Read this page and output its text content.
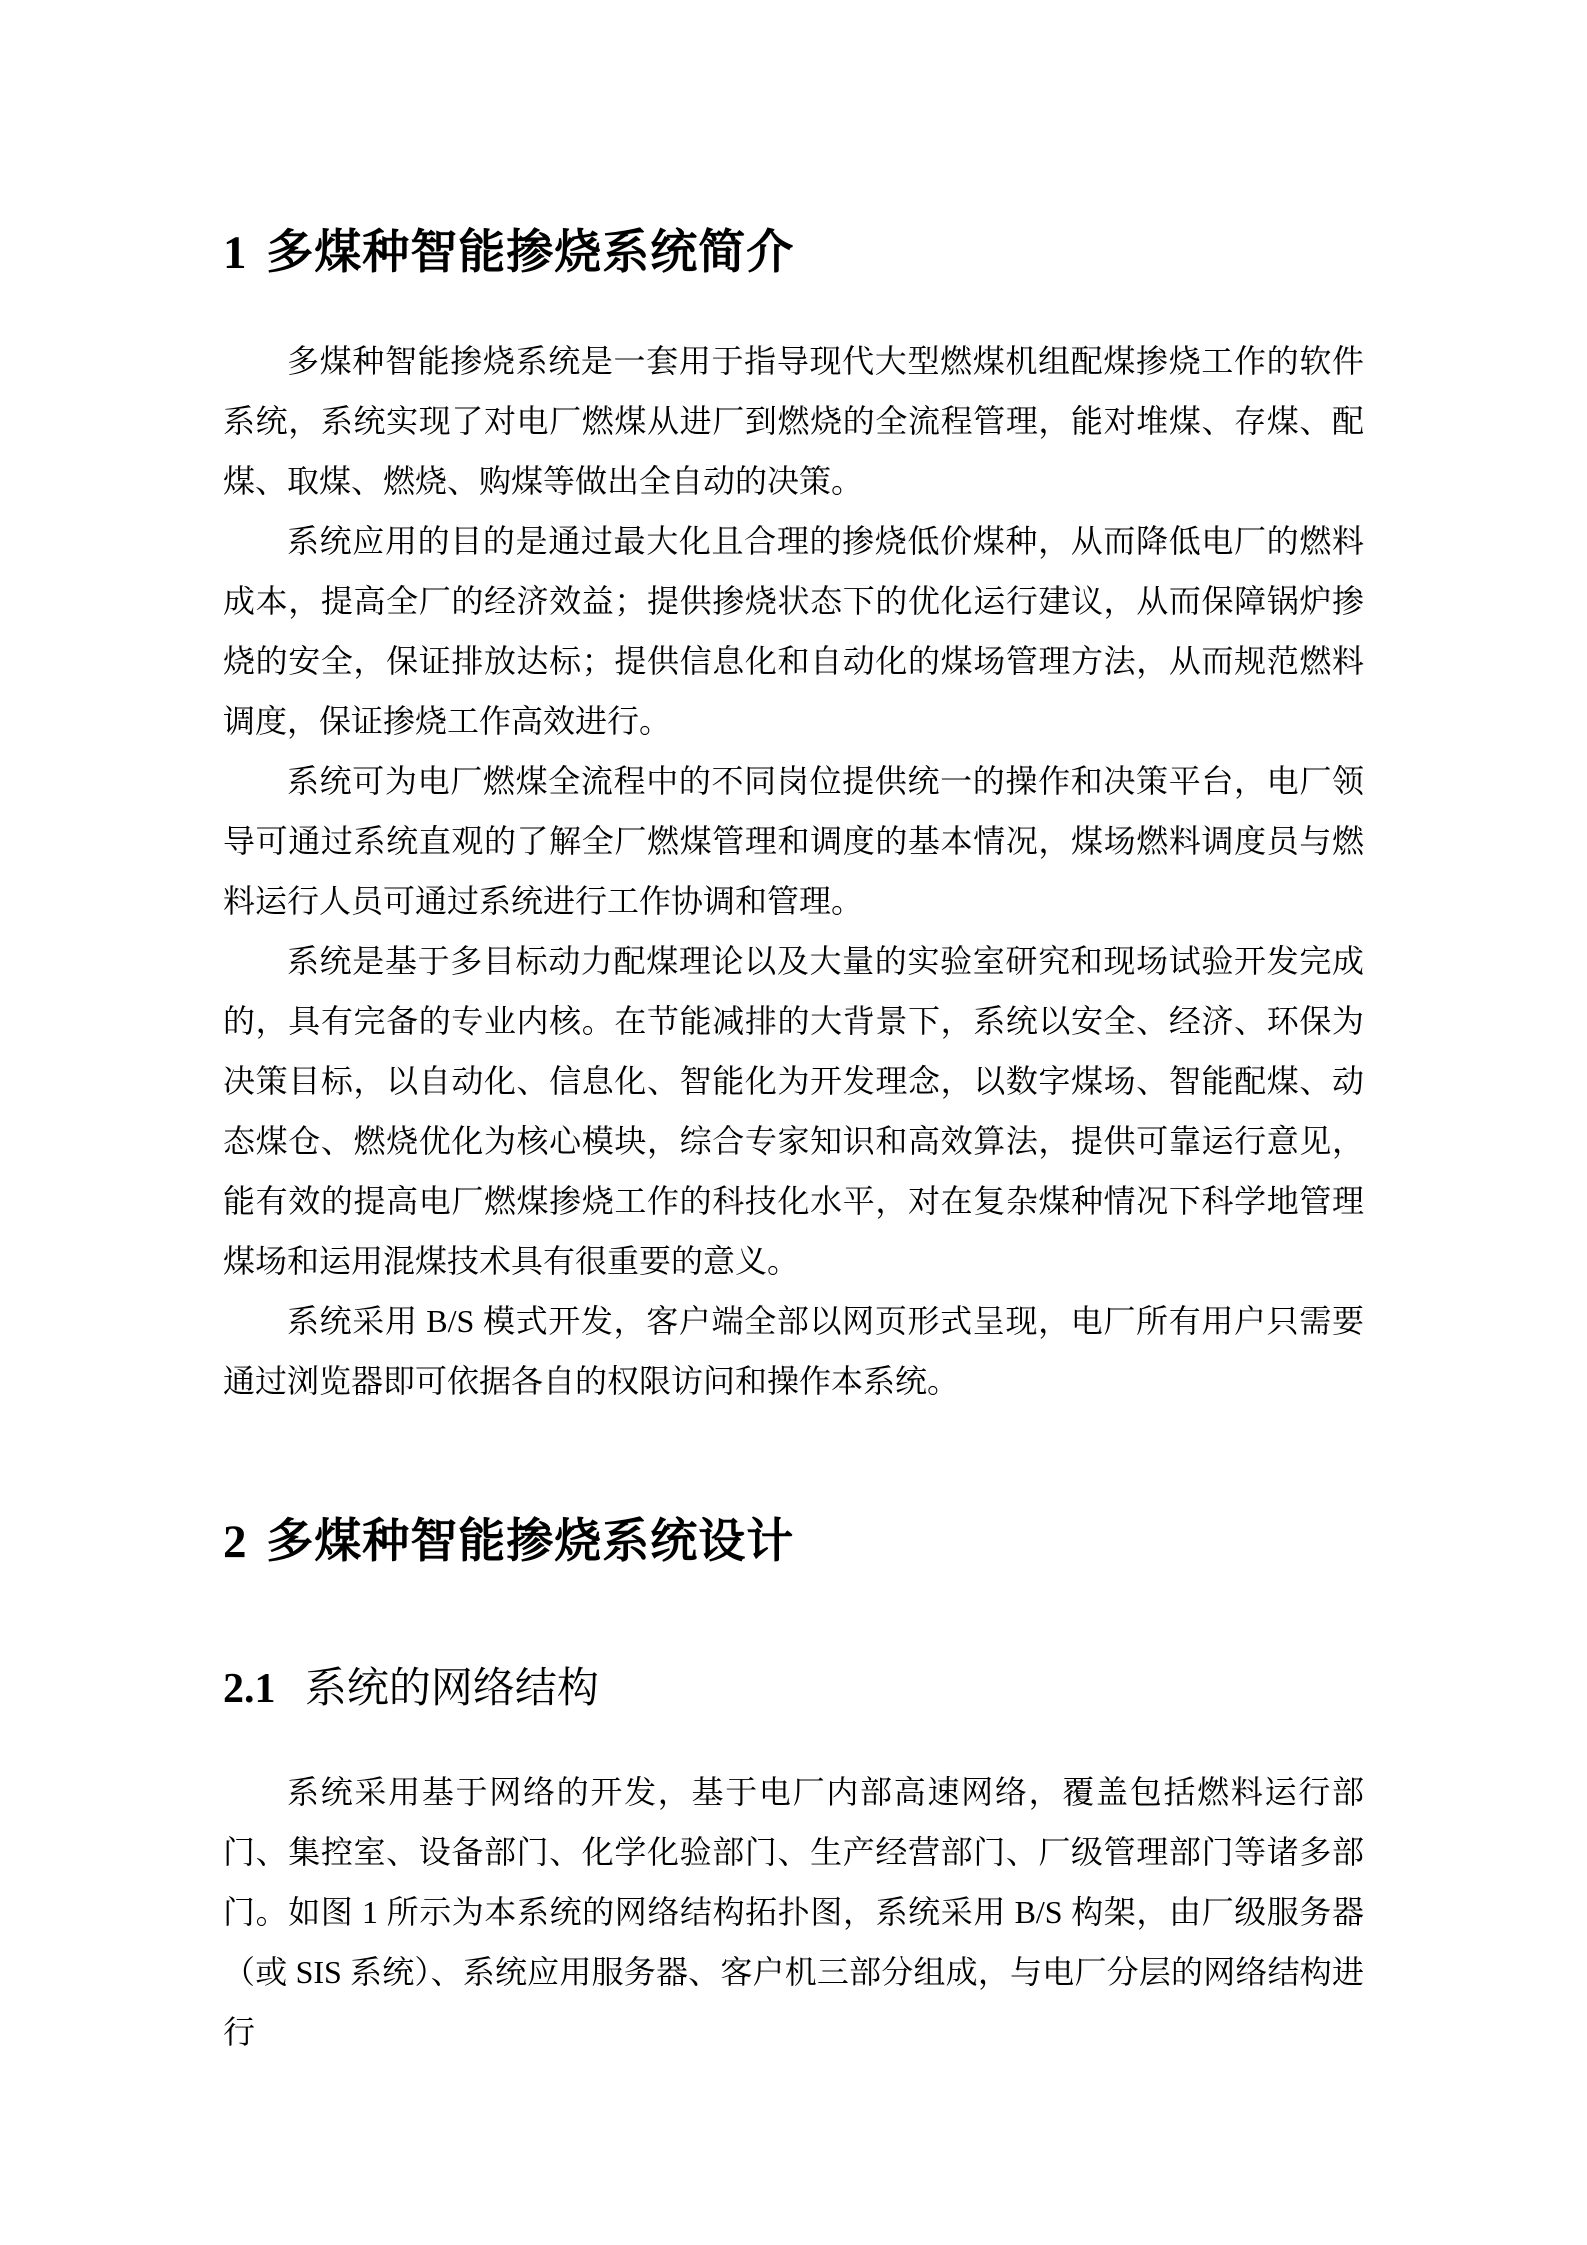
1 多煤种智能掺烧系统简介

多煤种智能掺烧系统是一套用于指导现代大型燃煤机组配煤掺烧工作的软件系统，系统实现了对电厂燃煤从进厂到燃烧的全流程管理，能对堆煤、存煤、配煤、取煤、燃烧、购煤等做出全自动的决策。

系统应用的目的是通过最大化且合理的掺烧低价煤种，从而降低电厂的燃料成本，提高全厂的经济效益；提供掺烧状态下的优化运行建议，从而保障锅炉掺烧的安全，保证排放达标；提供信息化和自动化的煤场管理方法，从而规范燃料调度，保证掺烧工作高效进行。

系统可为电厂燃煤全流程中的不同岗位提供统一的操作和决策平台，电厂领导可通过系统直观的了解全厂燃煤管理和调度的基本情况，煤场燃料调度员与燃料运行人员可通过系统进行工作协调和管理。

系统是基于多目标动力配煤理论以及大量的实验室研究和现场试验开发完成的，具有完备的专业内核。在节能减排的大背景下，系统以安全、经济、环保为决策目标，以自动化、信息化、智能化为开发理念，以数字煤场、智能配煤、动态煤仓、燃烧优化为核心模块，综合专家知识和高效算法，提供可靠运行意见，能有效的提高电厂燃煤掺烧工作的科技化水平，对在复杂煤种情况下科学地管理煤场和运用混煤技术具有很重要的意义。

系统采用 B/S 模式开发，客户端全部以网页形式呈现，电厂所有用户只需要通过浏览器即可依据各自的权限访问和操作本系统。

2 多煤种智能掺烧系统设计
2.1 系统的网络结构

系统采用基于网络的开发，基于电厂内部高速网络，覆盖包括燃料运行部门、集控室、设备部门、化学化验部门、生产经营部门、厂级管理部门等诸多部门。如图 1 所示为本系统的网络结构拓扑图，系统采用 B/S 构架，由厂级服务器（或 SIS 系统）、系统应用服务器、客户机三部分组成，与电厂分层的网络结构进行
